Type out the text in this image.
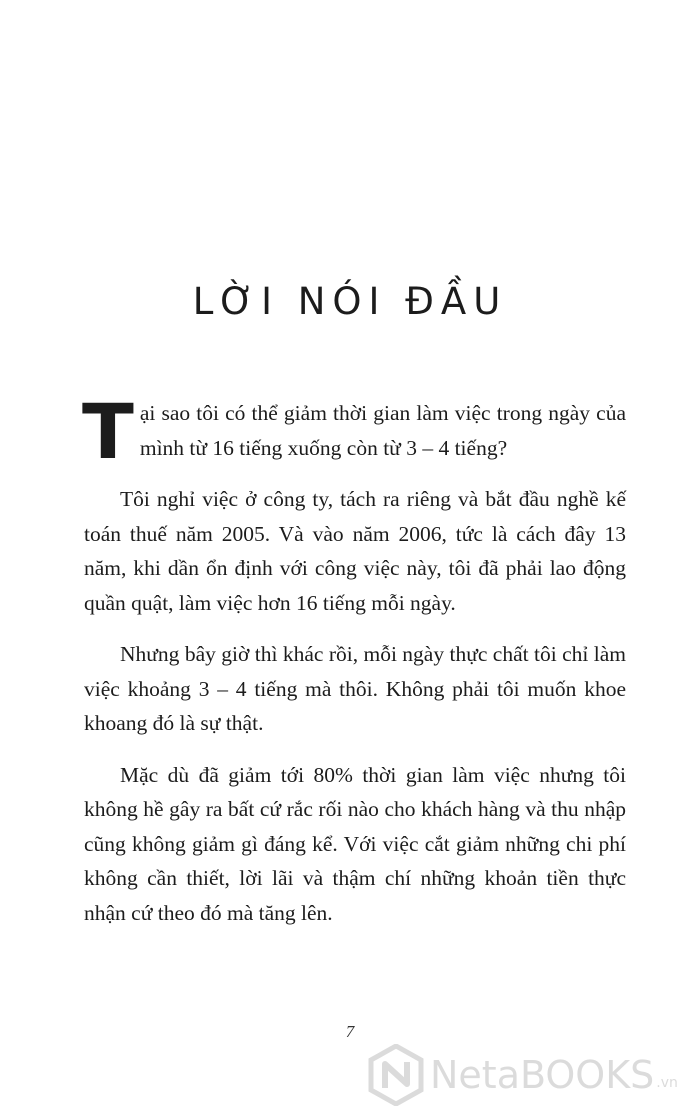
LỜI NÓI ĐẦU

Tại sao tôi có thể giảm thời gian làm việc trong ngày của mình từ 16 tiếng xuống còn từ 3 – 4 tiếng?

Tôi nghỉ việc ở công ty, tách ra riêng và bắt đầu nghề kế toán thuế năm 2005. Và vào năm 2006, tức là cách đây 13 năm, khi dần ổn định với công việc này, tôi đã phải lao động quần quật, làm việc hơn 16 tiếng mỗi ngày.

Nhưng bây giờ thì khác rồi, mỗi ngày thực chất tôi chỉ làm việc khoảng 3 – 4 tiếng mà thôi. Không phải tôi muốn khoe khoang đó là sự thật.

Mặc dù đã giảm tới 80% thời gian làm việc nhưng tôi không hề gây ra bất cứ rắc rối nào cho khách hàng và thu nhập cũng không giảm gì đáng kể. Với việc cắt giảm những chi phí không cần thiết, lời lãi và thậm chí những khoản tiền thực nhận cứ theo đó mà tăng lên.

7
NetaBOOKS .vn
